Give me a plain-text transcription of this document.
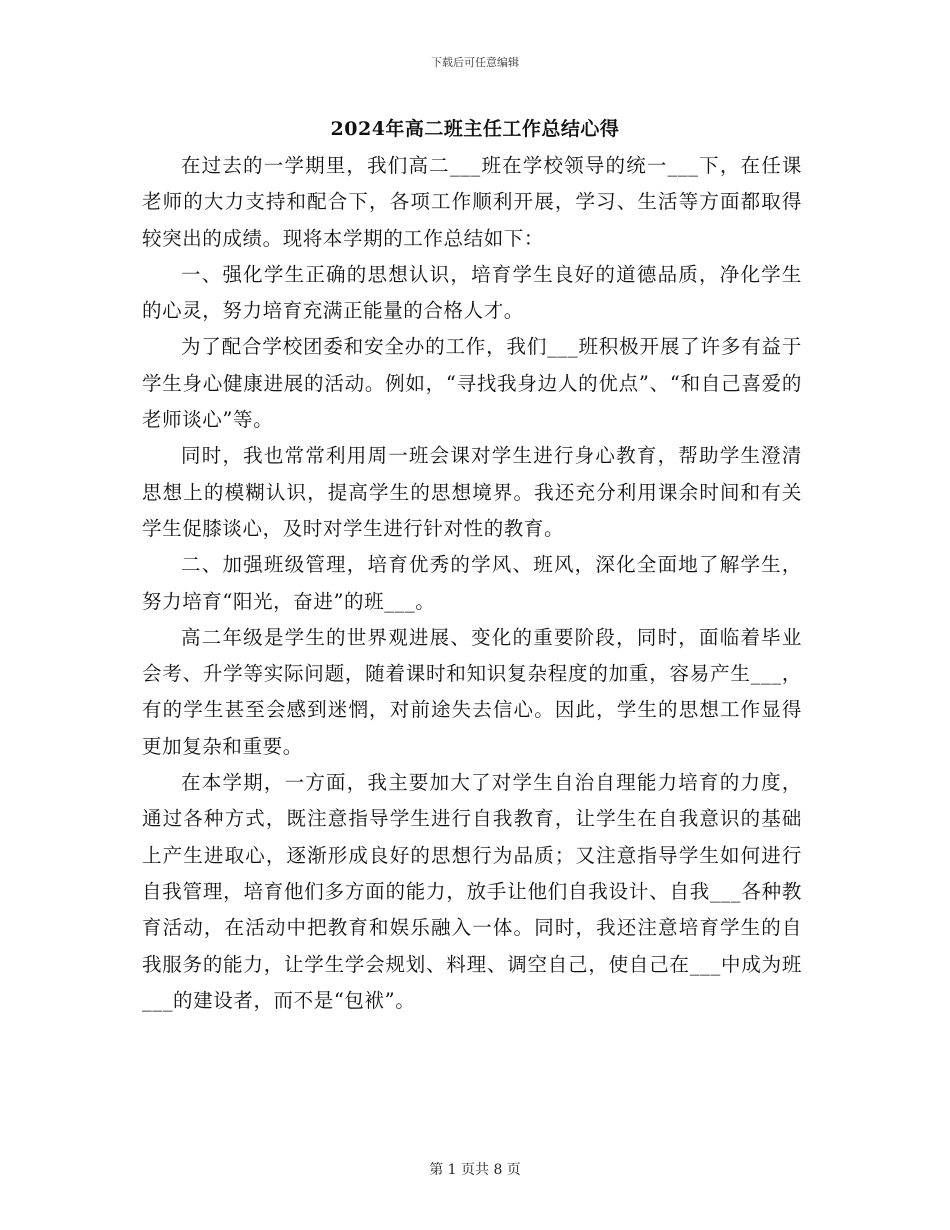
下载后可任意编辑
2024年高二班主任工作总结心得

在过去的一学期里，我们高二___班在学校领导的统一___下，在任课老师的大力支持和配合下，各项工作顺利开展，学习、生活等方面都取得较突出的成绩。现将本学期的工作总结如下：

一、强化学生正确的思想认识，培育学生良好的道德品质，净化学生的心灵，努力培育充满正能量的合格人才。

为了配合学校团委和安全办的工作，我们___班积极开展了许多有益于学生身心健康进展的活动。例如，“寻找我身边人的优点”、“和自己喜爱的老师谈心”等。

同时，我也常常利用周一班会课对学生进行身心教育，帮助学生澄清思想上的模糊认识，提高学生的思想境界。我还充分利用课余时间和有关学生促膝谈心，及时对学生进行针对性的教育。

二、加强班级管理，培育优秀的学风、班风，深化全面地了解学生，努力培育“阳光，奋进”的班___。

高二年级是学生的世界观进展、变化的重要阶段，同时，面临着毕业会考、升学等实际问题，随着课时和知识复杂程度的加重，容易产生___，有的学生甚至会感到迷惘，对前途失去信心。因此，学生的思想工作显得更加复杂和重要。

在本学期，一方面，我主要加大了对学生自治自理能力培育的力度，通过各种方式，既注意指导学生进行自我教育，让学生在自我意识的基础上产生进取心，逐渐形成良好的思想行为品质；又注意指导学生如何进行自我管理，培育他们多方面的能力，放手让他们自我设计、自我___各种教育活动，在活动中把教育和娱乐融入一体。同时，我还注意培育学生的自我服务的能力，让学生学会规划、料理、调空自己，使自己在___中成为班___的建设者，而不是“包袱”。

第 1 页共 8 页
